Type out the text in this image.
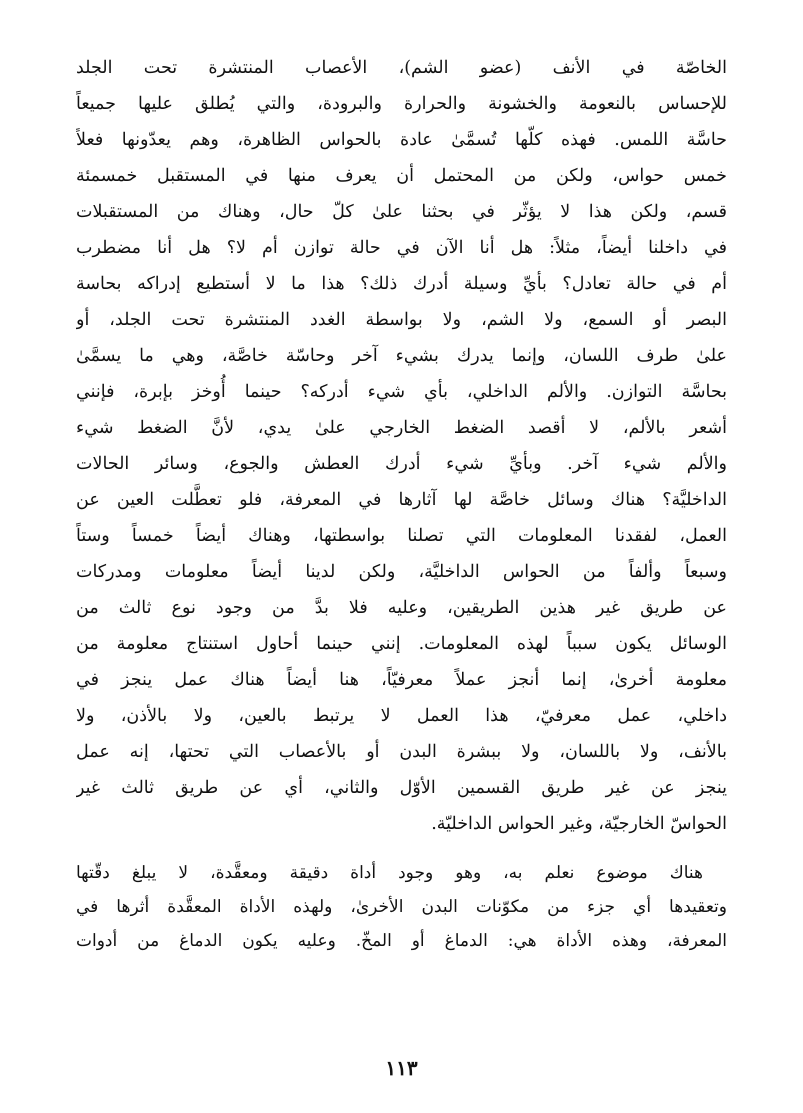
الخاصّة في الأنف (عضو الشم)، الأعصاب المنتشرة تحت الجلد
للإحساس بالنعومة والخشونة والحرارة والبرودة، والتي يُطلق عليها جميعاً
حاسَّة اللمس. فهذه كلّها تُسمَّىٰ عادة بالحواس الظاهرة، وهم يعدّونها فعلاً
خمس حواس، ولكن من المحتمل أن يعرف منها في المستقبل خمسمئة
قسم، ولكن هذا لا يؤثّر في بحثنا علىٰ كلّ حال، وهناك من المستقبلات
في داخلنا أيضاً، مثلاً: هل أنا الآن في حالة توازن أم لا؟ هل أنا مضطرب
أم في حالة تعادل؟ بأيِّ وسيلة أدرك ذلك؟ هذا ما لا أستطيع إدراكه بحاسة
البصر أو السمع، ولا الشم، ولا بواسطة الغدد المنتشرة تحت الجلد، أو
علىٰ طرف اللسان، وإنما يدرك بشيء آخر وحاسّة خاصَّة، وهي ما يسمَّىٰ
بحاسَّة التوازن. والألم الداخلي، بأي شيء أدركه؟ حينما أُوخز بإبرة، فإنني
أشعر بالألم، لا أقصد الضغط الخارجي علىٰ يدي، لأنَّ الضغط شيء
والألم شيء آخر. وبأيِّ شيء أدرك العطش والجوع، وسائر الحالات
الداخليَّة؟ هناك وسائل خاصَّة لها آثارها في المعرفة، فلو تعطَّلت العين عن
العمل، لفقدنا المعلومات التي تصلنا بواسطتها، وهناك أيضاً خمساً وستاً
وسبعاً وألفاً من الحواس الداخليَّة، ولكن لدينا أيضاً معلومات ومدركات
عن طريق غير هذين الطريقين، وعليه فلا بدَّ من وجود نوع ثالث من
الوسائل يكون سبباً لهذه المعلومات. إنني حينما أحاول استنتاج معلومة من
معلومة أخرىٰ، إنما أنجز عملاً معرفيّاً، هنا أيضاً هناك عمل ينجز في
داخلي، عمل معرفيّ، هذا العمل لا يرتبط بالعين، ولا بالأذن، ولا
بالأنف، ولا باللسان، ولا ببشرة البدن أو بالأعصاب التي تحتها، إنه عمل
ينجز عن غير طريق القسمين الأوّل والثاني، أي عن طريق ثالث غير
الحواسّ الخارجيّة، وغير الحواس الداخليّة.
هناك موضوع نعلم به، وهو وجود أداة دقيقة ومعقَّدة، لا يبلغ دقّتها
وتعقيدها أي جزء من مكوّنات البدن الأخرىٰ، ولهذه الأداة المعقَّدة أثرها في
المعرفة، وهذه الأداة هي: الدماغ أو المخّ. وعليه يكون الدماغ من أدوات
١١٣
